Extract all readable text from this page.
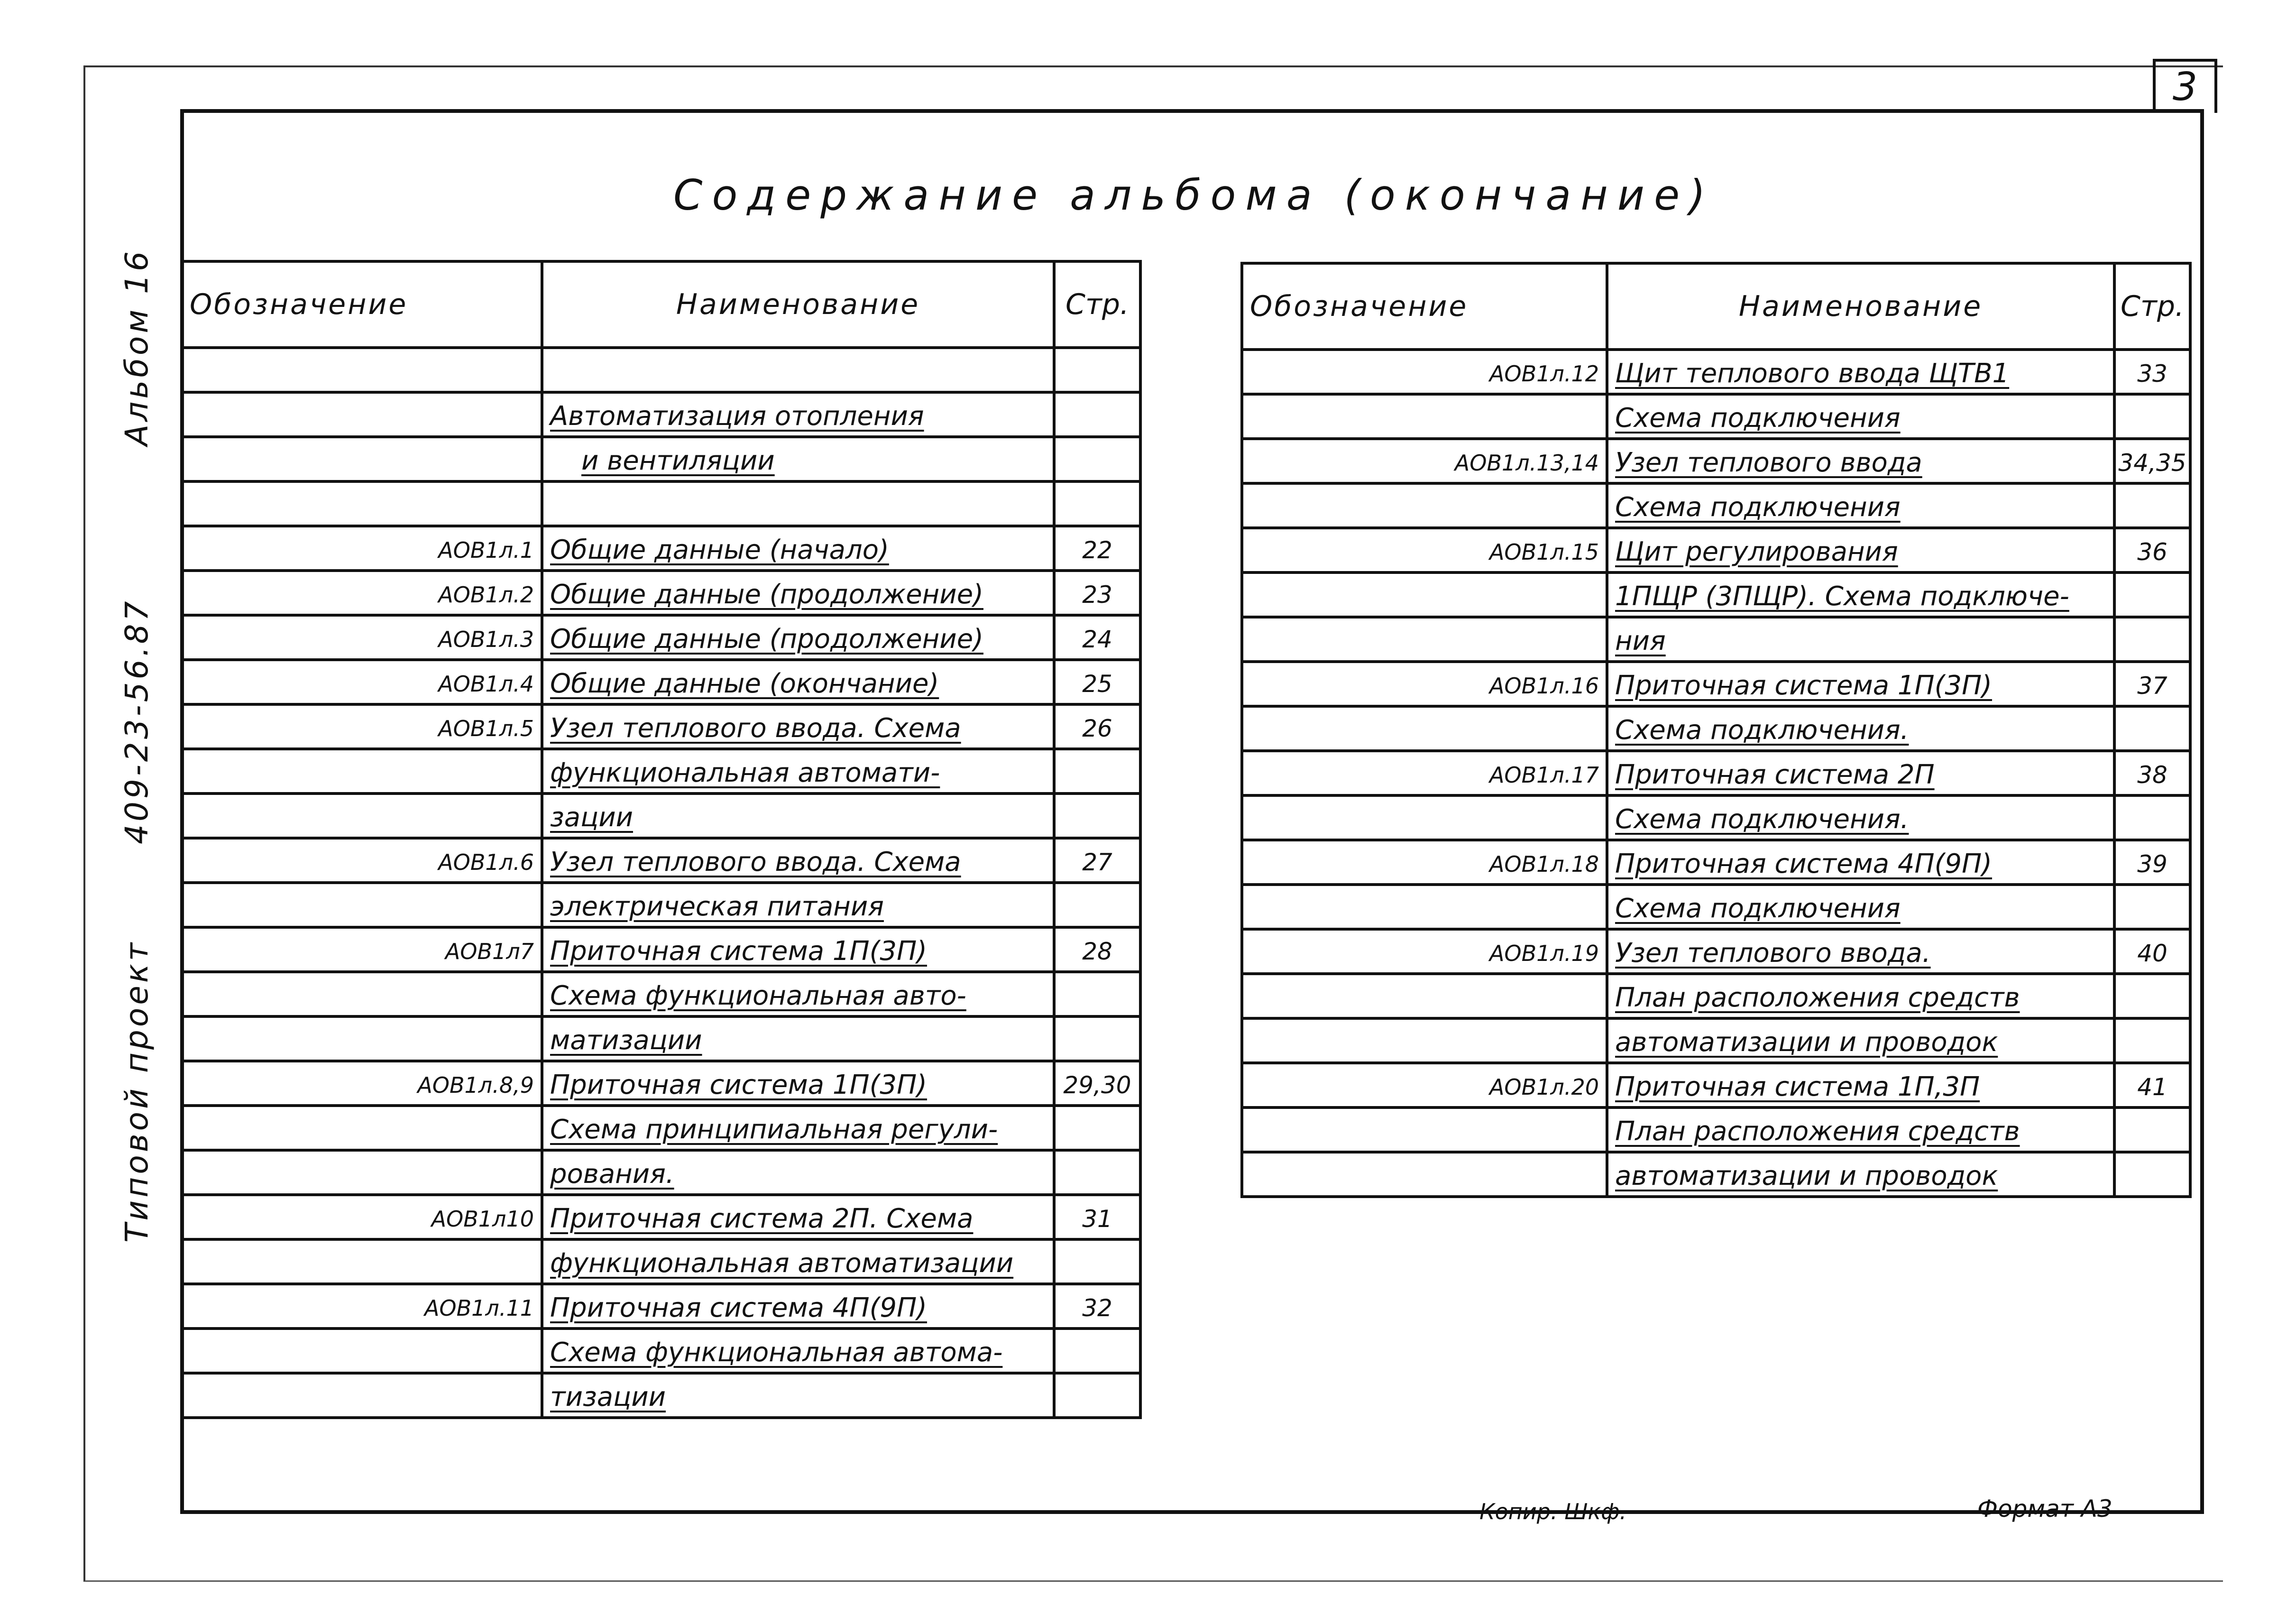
3
Содержание альбома (окончание)
Типовой проект
409-23-56.87
Альбом 16 Обозначение	Наименование	Стр.

	Автоматизация отопления	
	и вентиляции	

АОВ1л.1	Общие данные (начало)	22
АОВ1л.2	Общие данные (продолжение)	23
АОВ1л.3	Общие данные (продолжение)	24
АОВ1л.4	Общие данные (окончание)	25
АОВ1л.5	Узел теплового ввода. Схема	26
	функциональная автомати-	
	зации	
АОВ1л.6	Узел теплового ввода. Схема	27
	электрическая питания	
АОВ1л7	Приточная система 1П(3П)	28
	Схема функциональная авто-	
	матизации	
АОВ1л.8,9	Приточная система 1П(3П)	29,30
	Схема принципиальная регули-	
	рования.	
АОВ1л10	Приточная система 2П. Схема	31
	функциональная автоматизации	
АОВ1л.11	Приточная система 4П(9П)	32
	Схема функциональная автома-	
	тизации	
Обозначение	Наименование	Стр.
АОВ1л.12	Щит теплового ввода ЩТВ1	33
	Схема подключения	
АОВ1л.13,14	Узел теплового ввода	34,35
	Схема подключения	
АОВ1л.15	Щит регулирования	36
	1ПЩР (3ПЩР). Схема подключе-	
	ния	
АОВ1л.16	Приточная система 1П(3П)	37
	Схема подключения.	
АОВ1л.17	Приточная система 2П	38
	Схема подключения.	
АОВ1л.18	Приточная система 4П(9П)	39
	Схема подключения	
АОВ1л.19	Узел теплового ввода.	40
	План расположения средств	
	автоматизации и проводок	
АОВ1л.20	Приточная система 1П,3П	41
	План расположения средств	
	автоматизации и проводок	
Копир. Шкф.	Формат А3
